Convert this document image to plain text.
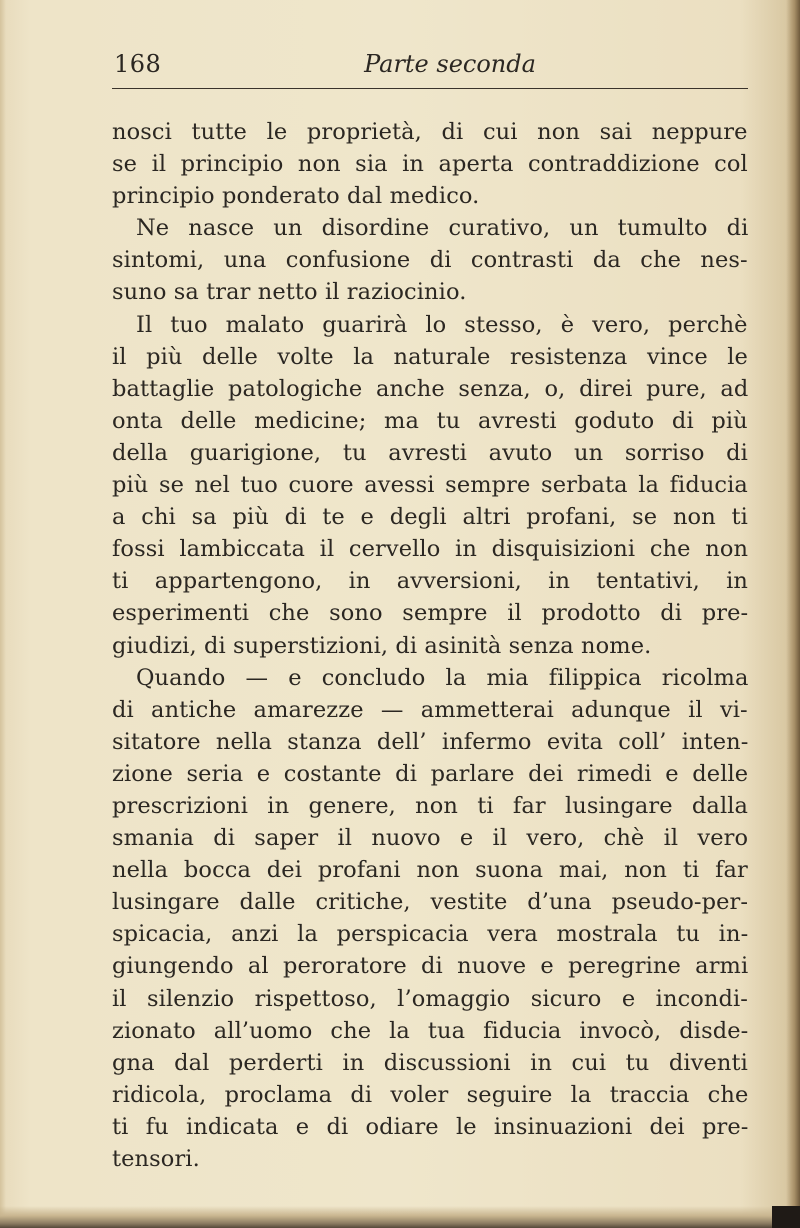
168	Parte seconda
nosci tutte le proprietà, di cui non sai neppure
se il principio non sia in aperta contraddizione col
principio ponderato dal medico.
Ne nasce un disordine curativo, un tumulto di
sintomi, una confusione di contrasti da che nes-
suno sa trar netto il raziocinio.
Il tuo malato guarirà lo stesso, è vero, perchè
il più delle volte la naturale resistenza vince le
battaglie patologiche anche senza, o, direi pure, ad
onta delle medicine; ma tu avresti goduto di più
della guarigione, tu avresti avuto un sorriso di
più se nel tuo cuore avessi sempre serbata la fiducia
a chi sa più di te e degli altri profani, se non ti
fossi lambiccata il cervello in disquisizioni che non
ti appartengono, in avversioni, in tentativi, in
esperimenti che sono sempre il prodotto di pre-
giudizi, di superstizioni, di asinità senza nome.
Quando — e concludo la mia filippica ricolma
di antiche amarezze — ammetterai adunque il vi-
sitatore nella stanza dell’ infermo evita coll’ inten-
zione seria e costante di parlare dei rimedi e delle
prescrizioni in genere, non ti far lusingare dalla
smania di saper il nuovo e il vero, chè il vero
nella bocca dei profani non suona mai, non ti far
lusingare dalle critiche, vestite d’una pseudo-per-
spicacia, anzi la perspicacia vera mostrala tu in-
giungendo al peroratore di nuove e peregrine armi
il silenzio rispettoso, l’omaggio sicuro e incondi-
zionato all’uomo che la tua fiducia invocò, disde-
gna dal perderti in discussioni in cui tu diventi
ridicola, proclama di voler seguire la traccia che
ti fu indicata e di odiare le insinuazioni dei pre-
tensori.
